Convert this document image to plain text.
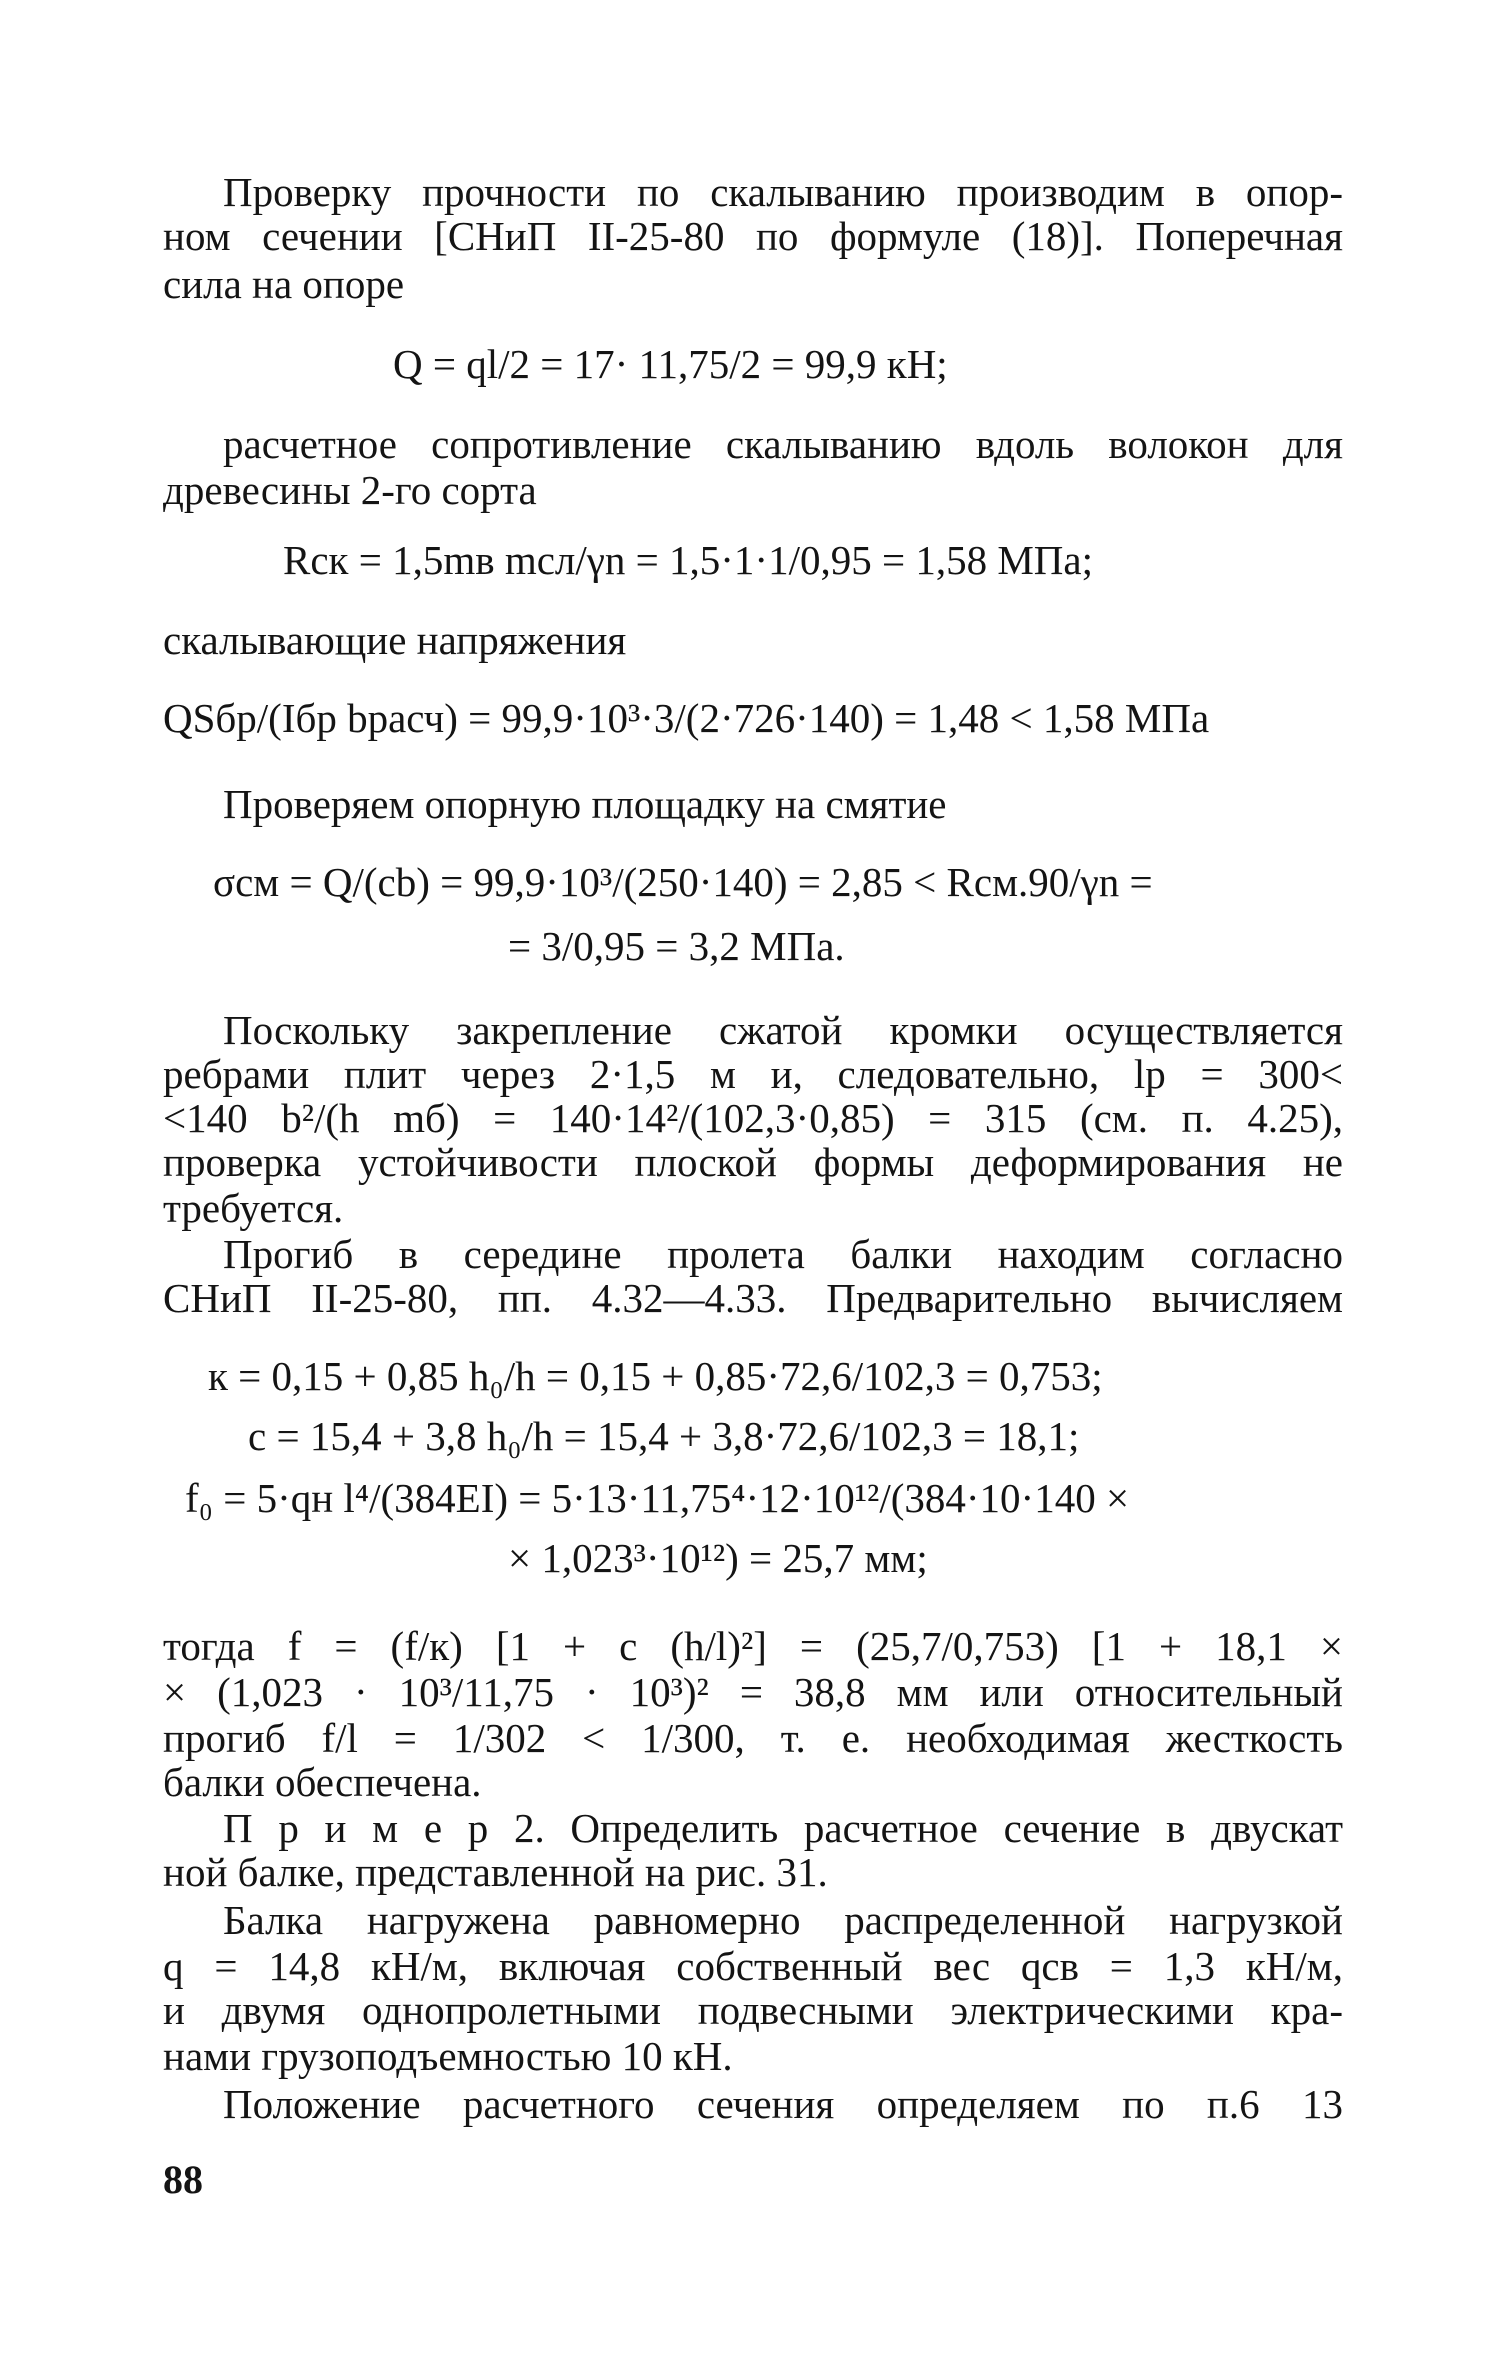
Проверку прочности по скалыванию производим в опор-
ном сечении [СНиП II-25-80 по формуле (18)]. Поперечная
сила на опоре
Q = ql/2 = 17· 11,75/2 = 99,9 кН;
расчетное сопротивление скалыванию вдоль волокон для
древесины 2-го сорта
Rск = 1,5mв mсл/γn = 1,5·1·1/0,95 = 1,58 МПа;
скалывающие напряжения
QSбр/(Iбр bрасч) = 99,9·10³·3/(2·726·140) = 1,48 < 1,58 МПа
Проверяем опорную площадку на смятие
σсм = Q/(cb) = 99,9·10³/(250·140) = 2,85 < Rсм.90/γn =
= 3/0,95 = 3,2 МПа.
Поскольку закрепление сжатой кромки осуществляется
ребрами плит через 2·1,5 м и, следовательно, lр = 300<
<140 b²/(h mб) = 140·14²/(102,3·0,85) = 315 (см. п. 4.25),
проверка устойчивости плоской формы деформирования не
требуется.
Прогиб в середине пролета балки находим согласно
СНиП II-25-80, пп. 4.32—4.33. Предварительно вычисляем
к = 0,15 + 0,85 h₀/h = 0,15 + 0,85·72,6/102,3 = 0,753;
c = 15,4 + 3,8 h₀/h = 15,4 + 3,8·72,6/102,3 = 18,1;
f₀ = 5·qн l⁴/(384EI) = 5·13·11,75⁴·12·10¹²/(384·10·140 ×
× 1,023³·10¹²) = 25,7 мм;
тогда f = (f/к) [1 + c (h/l)²] = (25,7/0,753) [1 + 18,1 ×
× (1,023 · 10³/11,75 · 10³)² = 38,8 мм или относительный
прогиб f/l = 1/302 < 1/300, т. е. необходимая жесткость
балки обеспечена.
П р и м е р 2. Определить расчетное сечение в двускат
ной балке, представленной на рис. 31.
Балка нагружена равномерно распределенной нагрузкой
q = 14,8 кН/м, включая собственный вес qсв = 1,3 кН/м,
и двумя однопролетными подвесными электрическими кра-
нами грузоподъемностью 10 кН.
Положение расчетного сечения определяем по п.6 13
88
